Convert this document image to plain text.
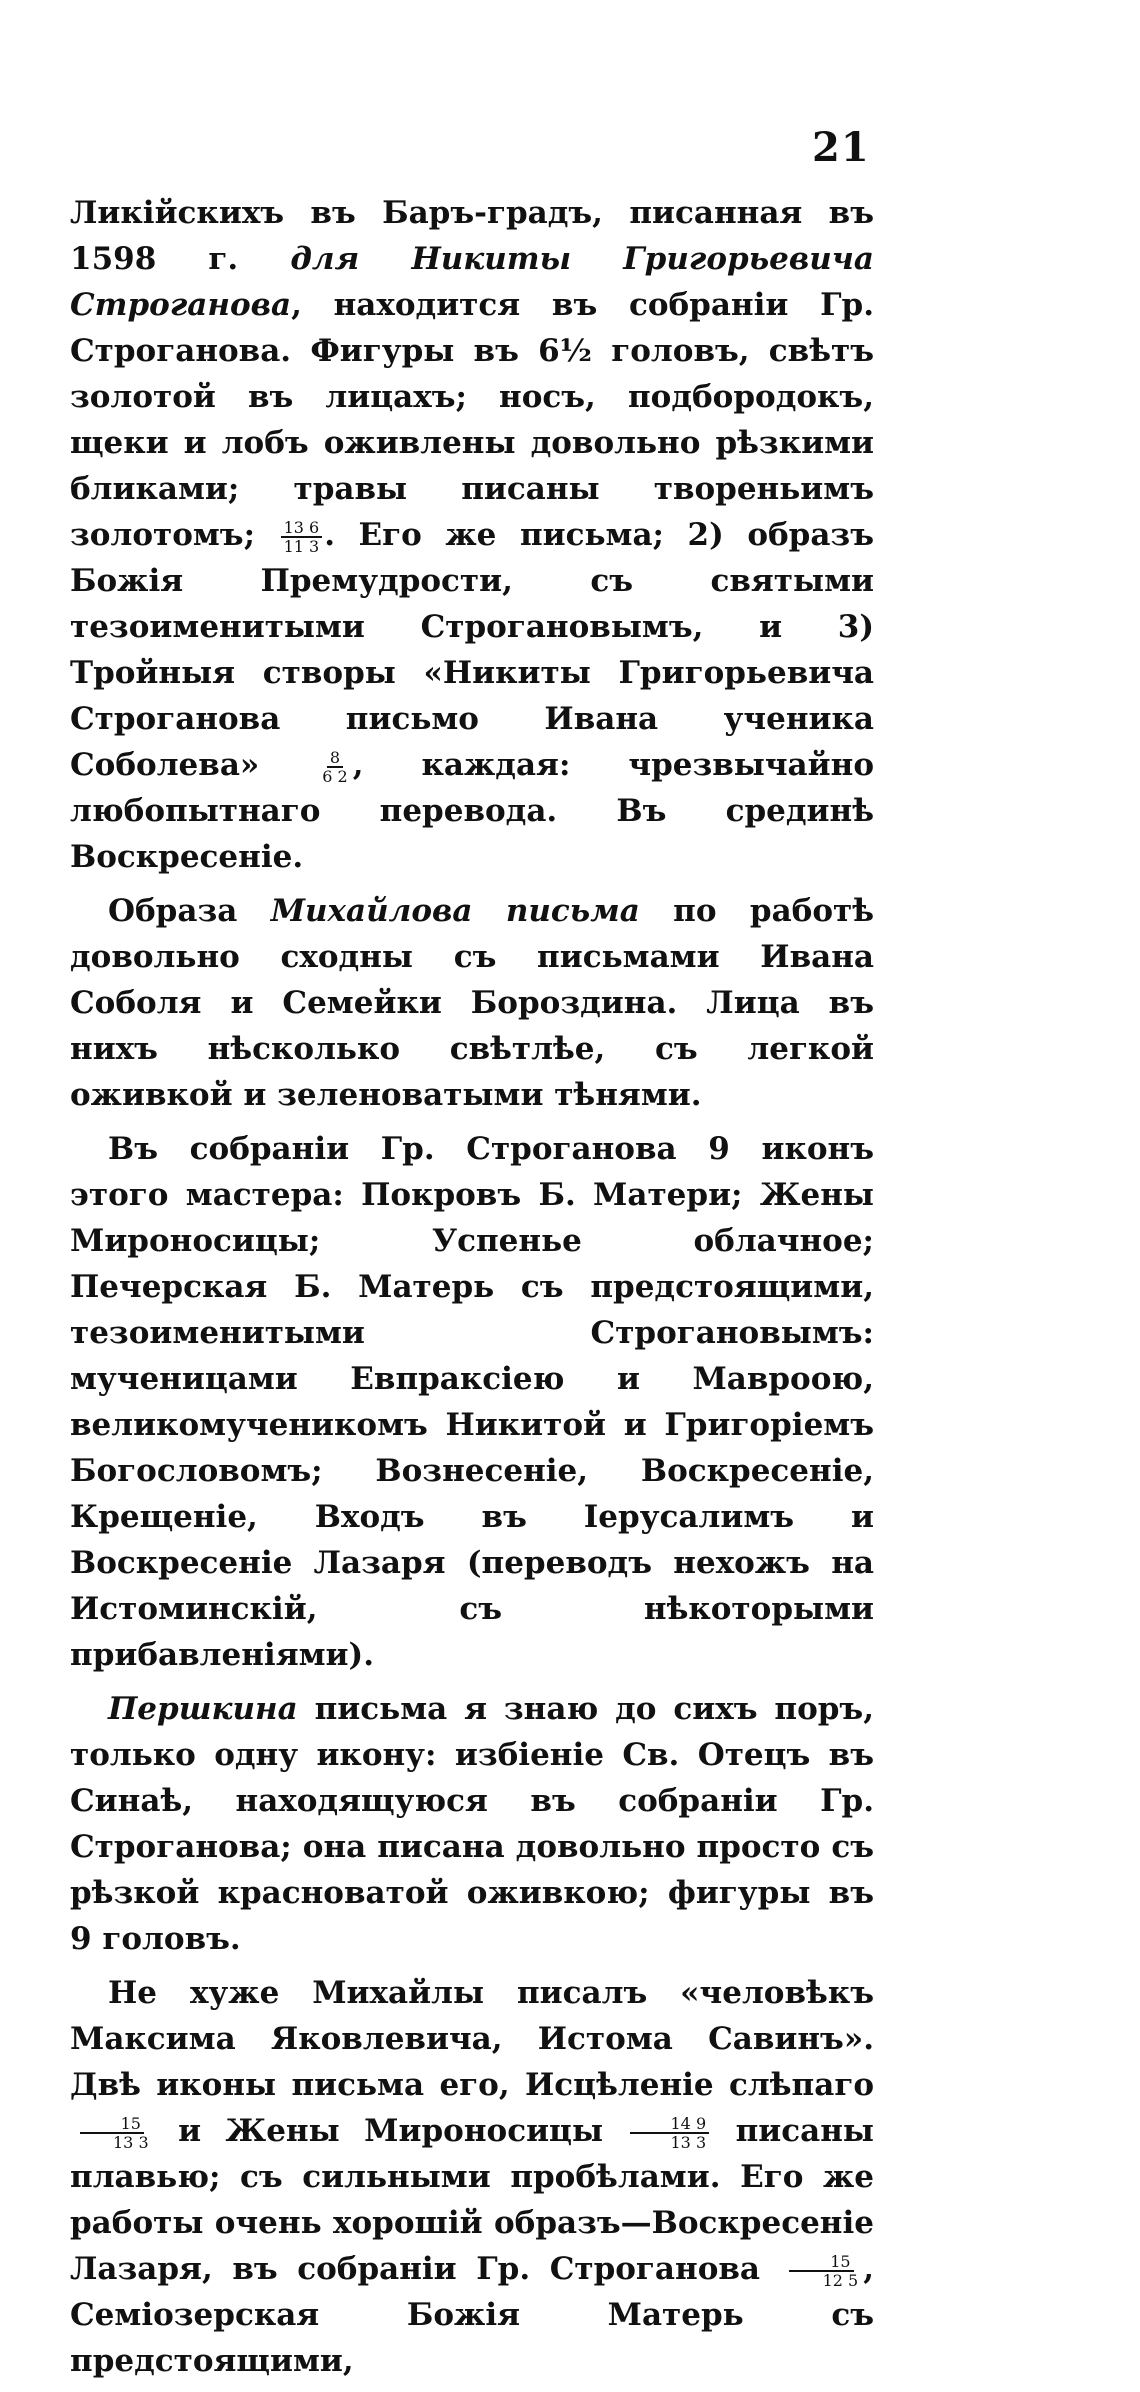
21

Ликійскихъ въ Баръ-градъ, писанная въ 1598 г. для Никиты Григорьевича Строганова, находится въ собраніи Гр. Строганова. Фигуры въ 6½ головъ, свѣтъ золотой въ лицахъ; носъ, подбородокъ, щеки и лобъ оживлены довольно рѣзкими бликами; травы писаны твореньимъ золотомъ; $\frac{13 6}{11 3}$ . Его же письма; 2) образъ Божія Премудрости, съ святыми тезоименитыми Строгановымъ, и 3) Тройныя створы «Никиты Григорьевича Строганова письмо Ивана ученика Соболева» $\frac{8}{6 2}$ , каждая: чрезвычайно любопытнаго перевода. Въ срединѣ Воскресеніе.

Образа Михайлова письма по работѣ довольно сходны съ письмами Ивана Соболя и Семейки Бороздина. Лица въ нихъ нѣсколько свѣтлѣе, съ легкой оживкой и зеленоватыми тѣнями.

Въ собраніи Гр. Строганова 9 иконъ этого мастера: Покровъ Б. Матери; Жены Мироносицы; Успенье облачное; Печерская Б. Матерь съ предстоящими, тезоименитыми Строгановымъ: мученицами Евпраксіею и Мавроою, великомученикомъ Никитой и Григоріемъ Богословомъ; Вознесеніе, Воскресеніе, Крещеніе, Входъ въ Іерусалимъ и Воскресеніе Лазаря (переводъ нехожъ на Истоминскій, съ нѣкоторыми прибавленіями).

Першкина письма я знаю до сихъ поръ, только одну икону: избіеніе Св. Отецъ въ Синаѣ, находящуюся въ собраніи Гр. Строганова; она писана довольно просто съ рѣзкой красноватой оживкою; фигуры въ 9 головъ.

Не хуже Михайлы писалъ «человѣкъ Максима Яковлевича, Истома Савинъ». Двѣ иконы письма его, Исцѣленіе слѣпаго
$\frac{15}{13 3}$ и Жены Мироносицы $\frac{14 9}{13 3}$ писаны плавью; съ сильными пробѣлами. Его же работы очень хорошій образъ—Воскресеніе Лазаря, въ собраніи Гр. Строганова $\frac{15}{12 5}$ , Семіозерская Божія Матерь съ предстоящими,
